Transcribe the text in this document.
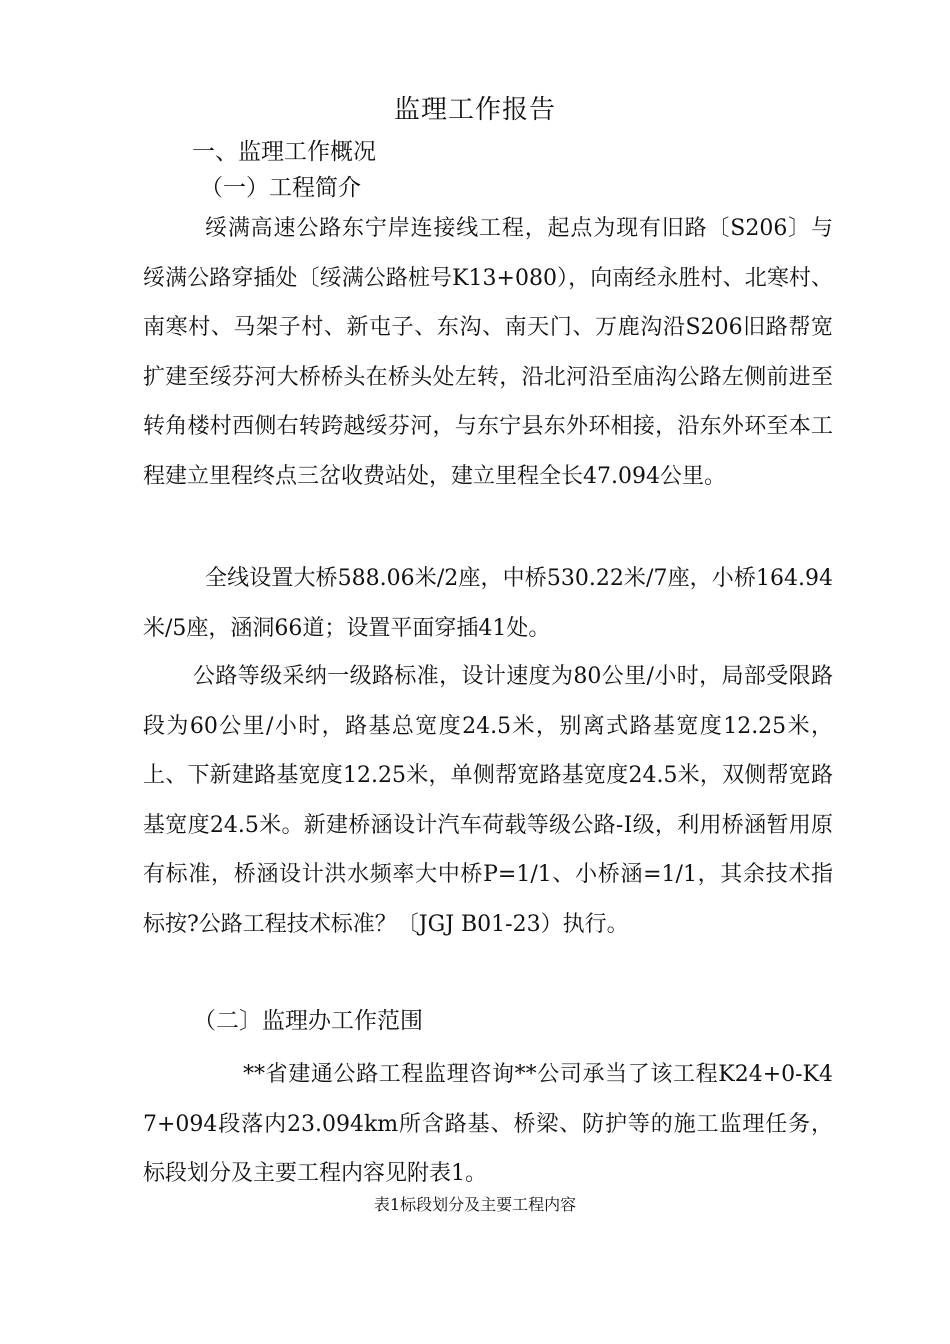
监理工作报告
一、监理工作概况
（一）工程简介

绥满高速公路东宁岸连接线工程，起点为现有旧路〔S206〕与绥满公路穿插处〔绥满公路桩号K13+080），向南经永胜村、北寒村、南寒村、马架子村、新屯子、东沟、南天门、万鹿沟沿S206旧路帮宽扩建至绥芬河大桥桥头在桥头处左转，沿北河沿至庙沟公路左侧前进至转角楼村西侧右转跨越绥芬河，与东宁县东外环相接，沿东外环至本工程建立里程终点三岔收费站处，建立里程全长47.094公里。

全线设置大桥588.06米/2座，中桥530.22米/7座，小桥164.94米/5座，涵洞66道；设置平面穿插41处。

公路等级采纳一级路标准，设计速度为80公里/小时，局部受限路段为60公里/小时，路基总宽度24.5米，别离式路基宽度12.25米，上、下新建路基宽度12.25米，单侧帮宽路基宽度24.5米，双侧帮宽路基宽度24.5米。新建桥涵设计汽车荷载等级公路-Ⅰ级，利用桥涵暂用原有标准，桥涵设计洪水频率大中桥P=1/1、小桥涵=1/1，其余技术指标按?公路工程技术标准？〔JGJ B01-23）执行。

（二〕监理办工作范围

**省建通公路工程监理咨询**公司承当了该工程K24+0-K47+094段落内23.094km所含路基、桥梁、防护等的施工监理任务，标段划分及主要工程内容见附表1。

表1标段划分及主要工程内容
